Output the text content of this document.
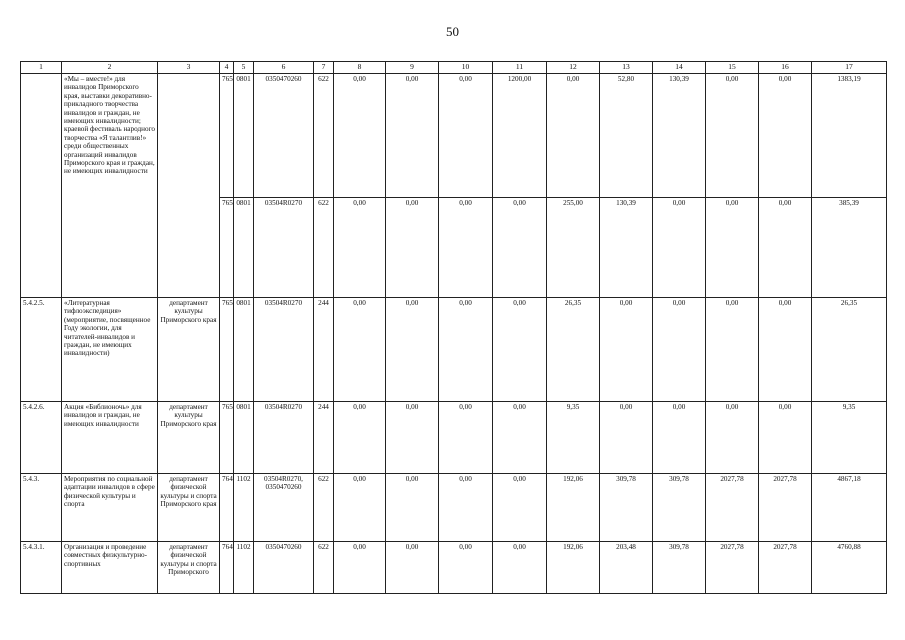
50
1	2	3	4	5	6	7	8	9	10	11	12	13	14	15	16	17
	«Мы – вместе!» для инвалидов Приморского края, выставки декоративно-прикладного творчества инвалидов и граждан, не имеющих инвалидности; краевой фестиваль народного творчества «Я талантлив!» среди общественных организаций инвалидов Приморского края и граждан, не имеющих инвалидности		765	0801	0350470260	622	0,00	0,00	0,00	1200,00	0,00	52,80	130,39	0,00	0,00	1383,19
			765	0801	03504R0270	622	0,00	0,00	0,00	0,00	255,00	130,39	0,00	0,00	0,00	385,39
5.4.2.5.	«Литературная тифлоэкспедиция» (мероприятие, посвященное Году экологии, для читателей-инвалидов и граждан, не имеющих инвалидности)	департамент культуры Приморского края	765	0801	03504R0270	244	0,00	0,00	0,00	0,00	26,35	0,00	0,00	0,00	0,00	26,35
5.4.2.6.	Акция «Библионочь» для инвалидов и граждан, не имеющих инвалидности	департамент культуры Приморского края	765	0801	03504R0270	244	0,00	0,00	0,00	0,00	9,35	0,00	0,00	0,00	0,00	9,35
5.4.3.	Мероприятия по социальной адаптации инвалидов в сфере физической культуры и спорта	департамент физической культуры и спорта Приморского края	764	1102	03504R0270, 0350470260	622	0,00	0,00	0,00	0,00	192,06	309,78	309,78	2027,78	2027,78	4867,18
5.4.3.1.	Организация и проведение совместных физкультурно-спортивных	департамент физической культуры и спорта Приморского	764	1102	0350470260	622	0,00	0,00	0,00	0,00	192,06	203,48	309,78	2027,78	2027,78	4760,88
